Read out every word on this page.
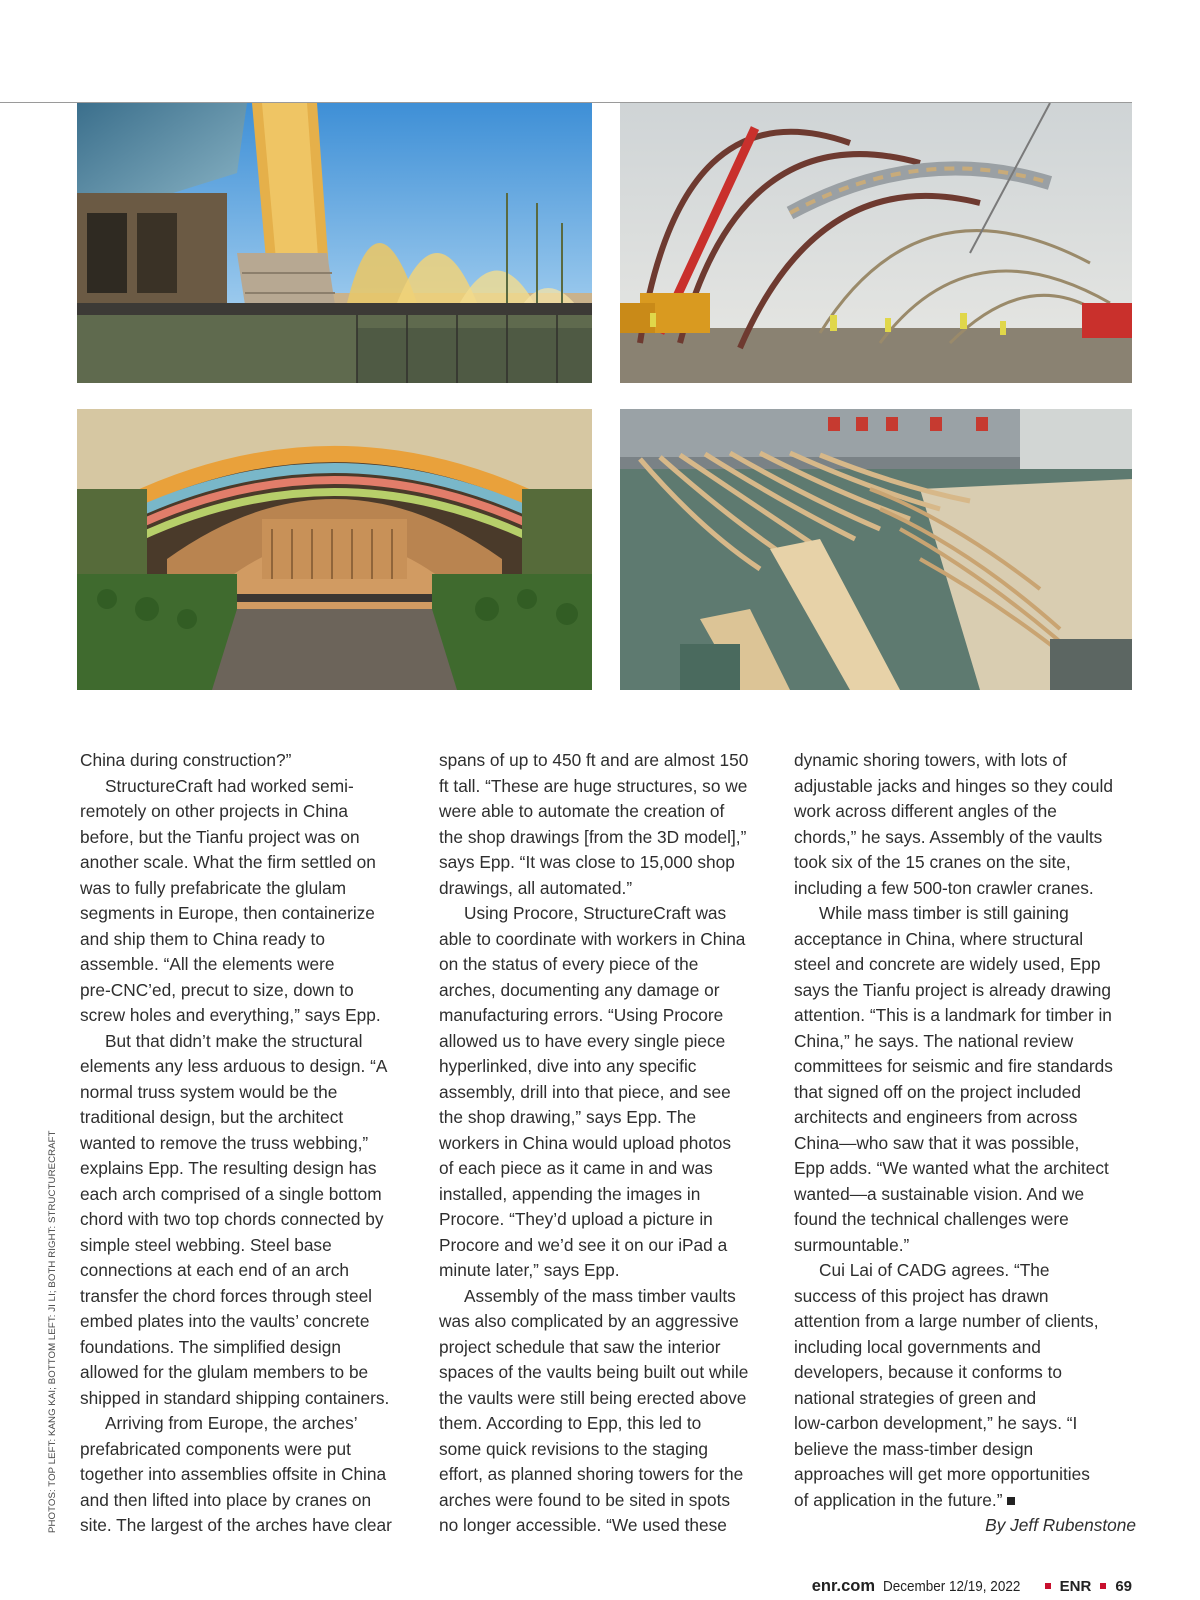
PHOTOS: TOP LEFT: KANG KAI; BOTTOM LEFT: JI LI; BOTH RIGHT: STRUCTURECRAFT
China during construction?”
StructureCraft had worked semi-
remotely on other projects in China
before, but the Tianfu project was on
another scale. What the firm settled on
was to fully prefabricate the glulam
segments in Europe, then containerize
and ship them to China ready to
assemble. “All the elements were
pre-CNC’ed, precut to size, down to
screw holes and everything,” says Epp.
But that didn’t make the structural
elements any less arduous to design. “A
normal truss system would be the
traditional design, but the architect
wanted to remove the truss webbing,”
explains Epp. The resulting design has
each arch comprised of a single bottom
chord with two top chords connected by
simple steel webbing. Steel base
connections at each end of an arch
transfer the chord forces through steel
embed plates into the vaults’ concrete
foundations. The simplified design
allowed for the glulam members to be
shipped in standard shipping containers.
Arriving from Europe, the arches’
prefabricated components were put
together into assemblies offsite in China
and then lifted into place by cranes on
site. The largest of the arches have clear
spans of up to 450 ft and are almost 150
ft tall. “These are huge structures, so we
were able to automate the creation of
the shop drawings [from the 3D model],”
says Epp. “It was close to 15,000 shop
drawings, all automated.”
Using Procore, StructureCraft was
able to coordinate with workers in China
on the status of every piece of the
arches, documenting any damage or
manufacturing errors. “Using Procore
allowed us to have every single piece
hyperlinked, dive into any specific
assembly, drill into that piece, and see
the shop drawing,” says Epp. The
workers in China would upload photos
of each piece as it came in and was
installed, appending the images in
Procore. “They’d upload a picture in
Procore and we’d see it on our iPad a
minute later,” says Epp.
Assembly of the mass timber vaults
was also complicated by an aggressive
project schedule that saw the interior
spaces of the vaults being built out while
the vaults were still being erected above
them. According to Epp, this led to
some quick revisions to the staging
effort, as planned shoring towers for the
arches were found to be sited in spots
no longer accessible. “We used these
dynamic shoring towers, with lots of
adjustable jacks and hinges so they could
work across different angles of the
chords,” he says. Assembly of the vaults
took six of the 15 cranes on the site,
including a few 500-ton crawler cranes.
While mass timber is still gaining
acceptance in China, where structural
steel and concrete are widely used, Epp
says the Tianfu project is already drawing
attention. “This is a landmark for timber in
China,” he says. The national review
committees for seismic and fire standards
that signed off on the project included
architects and engineers from across
China—who saw that it was possible,
Epp adds. “We wanted what the architect
wanted—a sustainable vision. And we
found the technical challenges were
surmountable.”
Cui Lai of CADG agrees. “The
success of this project has drawn
attention from a large number of clients,
including local governments and
developers, because it conforms to
national strategies of green and
low-carbon development,” he says. “I
believe the mass-timber design
approaches will get more opportunities
of application in the future.”
By Jeff Rubenstone
enr.com December 12/19, 2022	ENR 69
